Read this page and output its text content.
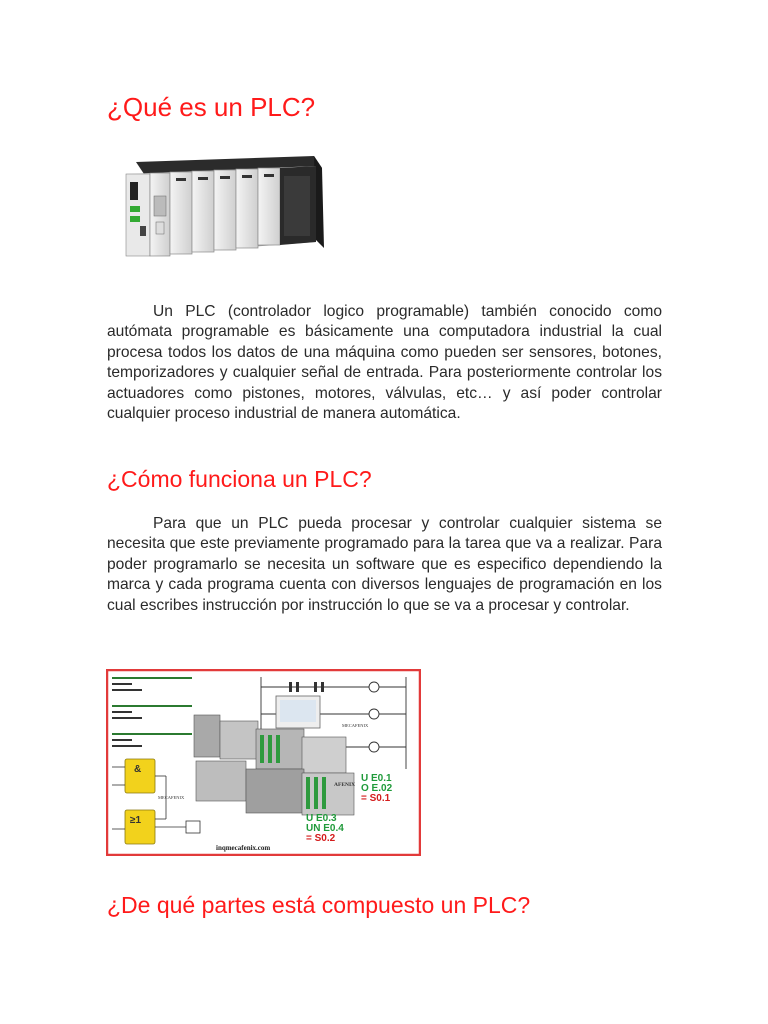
¿Qué es un PLC?

Un PLC (controlador logico programable) también conocido como autómata programable es básicamente una computadora industrial la cual procesa todos los datos de una máquina como pueden ser sensores, botones, temporizadores y cualquier señal de entrada. Para posteriormente controlar los actuadores como pistones, motores, válvulas, etc… y así poder controlar cualquier proceso industrial de manera automática.

¿Cómo funciona un PLC?

Para que un PLC pueda procesar y controlar cualquier sistema se necesita que este previamente programado para la tarea que va a realizar. Para poder programarlo se necesita un software que es especifico dependiendo la marca y cada programa cuenta con diversos lenguajes de programación en los cual escribes instrucción por instrucción lo que se va a procesar y controlar.

&
≥1
MECAFENIX
MECAFENIX
AFENIX
U E0.1
O E.02
= S0.1
U E0.3
UN E0.4
= S0.2
inqmecafenix.com
¿De qué partes está compuesto un PLC?
